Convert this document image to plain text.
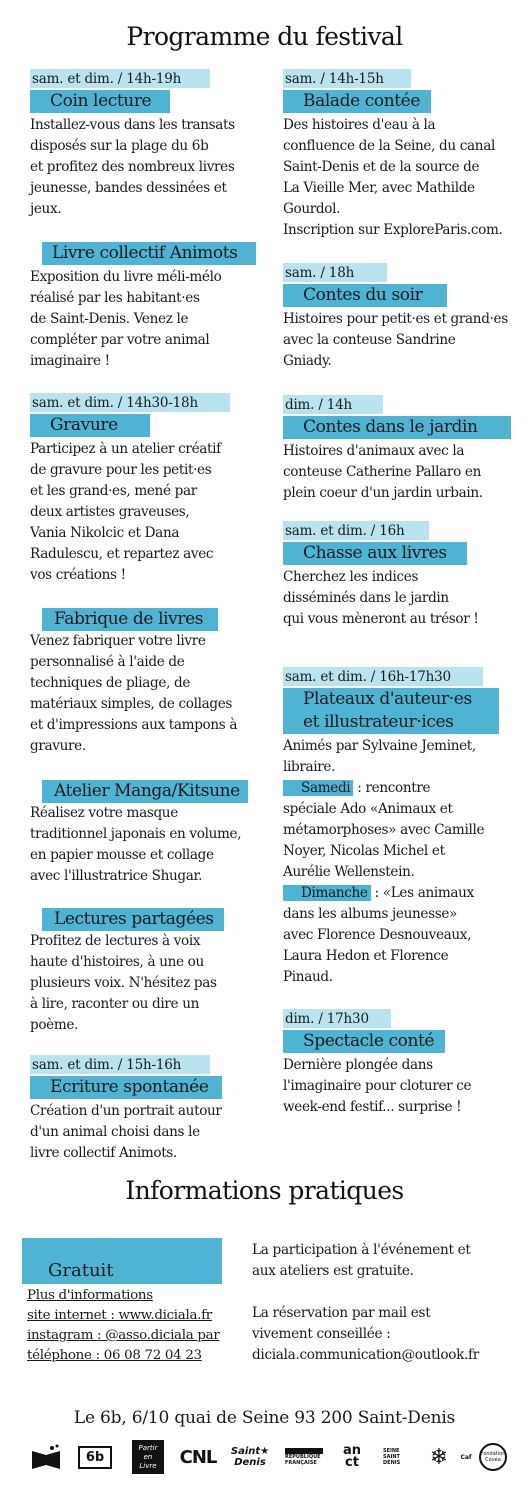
Programme du festival
sam. et dim. / 14h-19h
Coin lecture

Installez-vous dans les transats

disposés sur la plage du 6b

et profitez des nombreux livres

jeunesse, bandes dessinées et

jeux.

Livre collectif Animots

Exposition du livre méli-mélo

réalisé par les habitant·es

de Saint-Denis. Venez le

compléter par votre animal

imaginaire !

sam. et dim. / 14h30-18h
Gravure

Participez à un atelier créatif

de gravure pour les petit·es

et les grand·es, mené par

deux artistes graveuses,

Vania Nikolcic et Dana

Radulescu, et repartez avec

vos créations !

Fabrique de livres

Venez fabriquer votre livre

personnalisé à l'aide de

techniques de pliage, de

matériaux simples, de collages

et d'impressions aux tampons à

gravure.

Atelier Manga/Kitsune

Réalisez votre masque

traditionnel japonais en volume,

en papier mousse et collage

avec l'illustratrice Shugar.

Lectures partagées

Profitez de lectures à voix

haute d'histoires, à une ou

plusieurs voix. N'hésitez pas

à lire, raconter ou dire un

poème.

sam. et dim. / 15h-16h
Ecriture spontanée

Création d'un portrait autour

d'un animal choisi dans le

livre collectif Animots.

sam. / 14h-15h
Balade contée

Des histoires d'eau à la

confluence de la Seine, du canal

Saint-Denis et de la source de

La Vieille Mer, avec Mathilde

Gourdol.

Inscription sur ExploreParis.com.

sam. / 18h
Contes du soir

Histoires pour petit·es et grand·es

avec la conteuse Sandrine

Gniady.

dim. / 14h
Contes dans le jardin

Histoires d'animaux avec la

conteuse Catherine Pallaro en

plein coeur d'un jardin urbain.

sam. et dim. / 16h
Chasse aux livres

Cherchez les indices

disséminés dans le jardin

qui vous mèneront au trésor !

sam. et dim. / 16h-17h30
Plateaux d'auteur·es
et illustrateur·ices

Animés par Sylvaine Jeminet,

libraire.

Samedi : rencontre

spéciale Ado «Animaux et

métamorphoses» avec Camille

Noyer, Nicolas Michel et

Aurélie Wellenstein.

Dimanche : «Les animaux

dans les albums jeunesse»

avec Florence Desnouveaux,

Laura Hedon et Florence

Pinaud.

dim. / 17h30
Spectacle conté

Dernière plongée dans

l'imaginaire pour cloturer ce

week-end festif... surprise !

Informations pratiques
Gratuit
Plus d'informations
site internet : www.diciala.fr
instagram : @asso.diciala par
téléphone : 06 08 72 04 23

La participation à l'événement et

aux ateliers est gratuite.

La réservation par mail est

vivement conseillée :

diciala.communication@outlook.fr

Le 6b, 6/10 quai de Seine 93 200 Saint-Denis
6b
Partir en Livre	CNL Saint★ Denis	RÉPUBLIQUE FRANÇAISE
an ct
SEINE SAINT DENIS	❄ Caf	Fondation Covéa
